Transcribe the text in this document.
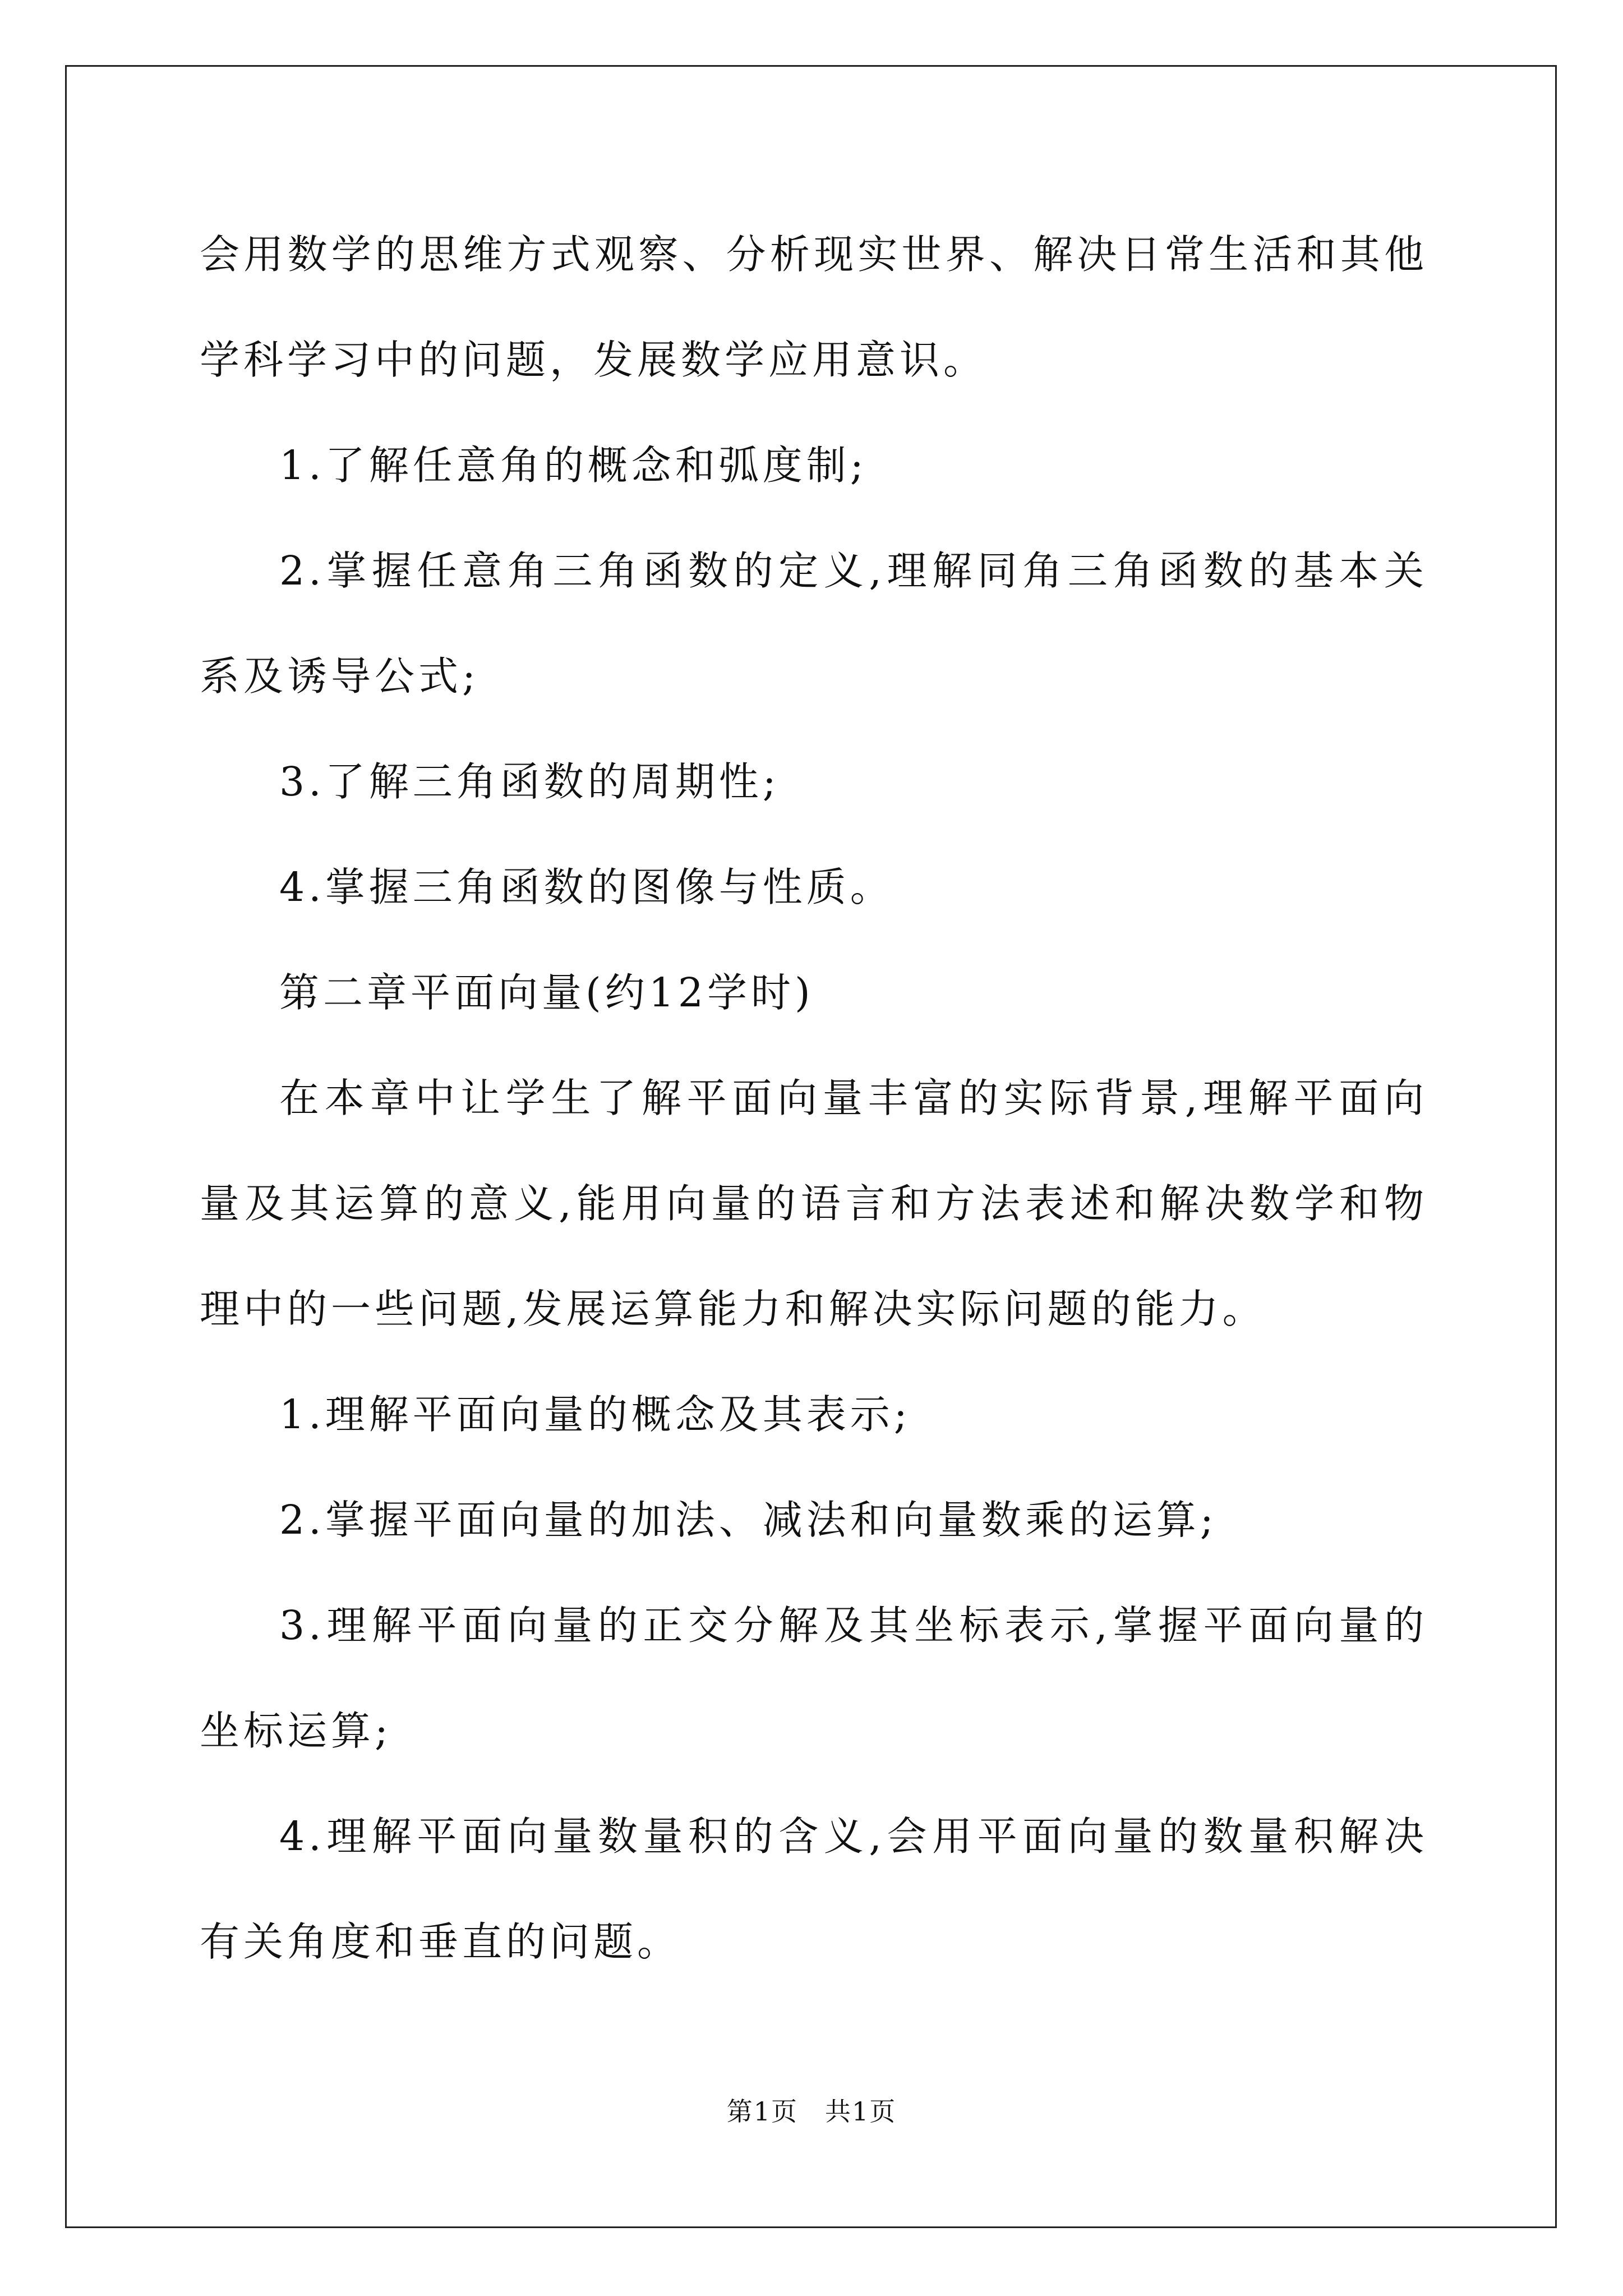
会用数学的思维方式观察、分析现实世界、解决日常生活和其他学科学习中的问题，发展数学应用意识。

1.了解任意角的概念和弧度制;

2.掌握任意角三角函数的定义,理解同角三角函数的基本关系及诱导公式;

3.了解三角函数的周期性;

4.掌握三角函数的图像与性质。

第二章平面向量(约12学时)

在本章中让学生了解平面向量丰富的实际背景,理解平面向量及其运算的意义,能用向量的语言和方法表述和解决数学和物理中的一些问题,发展运算能力和解决实际问题的能力。

1.理解平面向量的概念及其表示;

2.掌握平面向量的加法、减法和向量数乘的运算;

3.理解平面向量的正交分解及其坐标表示,掌握平面向量的坐标运算;

4.理解平面向量数量积的含义,会用平面向量的数量积解决有关角度和垂直的问题。

第1页　共1页
